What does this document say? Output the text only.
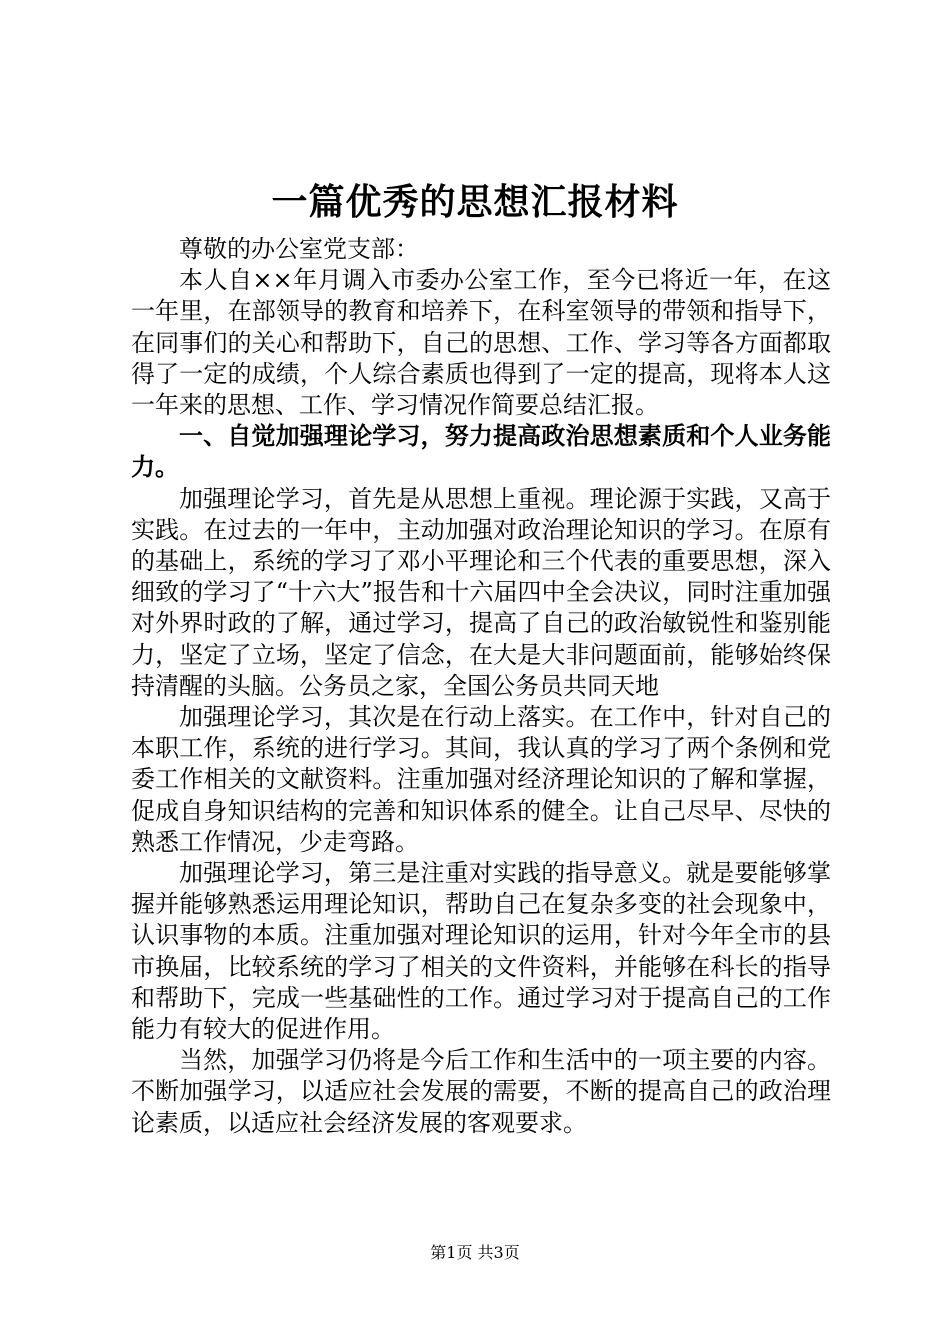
一篇优秀的思想汇报材料

尊敬的办公室党支部：

本人自××年月调入市委办公室工作，至今已将近一年，在这一年里，在部领导的教育和培养下，在科室领导的带领和指导下，在同事们的关心和帮助下，自己的思想、工作、学习等各方面都取得了一定的成绩，个人综合素质也得到了一定的提高，现将本人这一年来的思想、工作、学习情况作简要总结汇报。

一、自觉加强理论学习，努力提高政治思想素质和个人业务能力。

加强理论学习，首先是从思想上重视。理论源于实践，又高于实践。在过去的一年中，主动加强对政治理论知识的学习。在原有的基础上，系统的学习了邓小平理论和三个代表的重要思想，深入细致的学习了“十六大”报告和十六届四中全会决议，同时注重加强对外界时政的了解，通过学习，提高了自己的政治敏锐性和鉴别能力，坚定了立场，坚定了信念，在大是大非问题面前，能够始终保持清醒的头脑。公务员之家，全国公务员共同天地

加强理论学习，其次是在行动上落实。在工作中，针对自己的本职工作，系统的进行学习。其间，我认真的学习了两个条例和党委工作相关的文献资料。注重加强对经济理论知识的了解和掌握，促成自身知识结构的完善和知识体系的健全。让自己尽早、尽快的熟悉工作情况，少走弯路。

加强理论学习，第三是注重对实践的指导意义。就是要能够掌握并能够熟悉运用理论知识，帮助自己在复杂多变的社会现象中，认识事物的本质。注重加强对理论知识的运用，针对今年全市的县市换届，比较系统的学习了相关的文件资料，并能够在科长的指导和帮助下，完成一些基础性的工作。通过学习对于提高自己的工作能力有较大的促进作用。

当然，加强学习仍将是今后工作和生活中的一项主要的内容。不断加强学习，以适应社会发展的需要，不断的提高自己的政治理论素质，以适应社会经济发展的客观要求。

第1页 共3页
